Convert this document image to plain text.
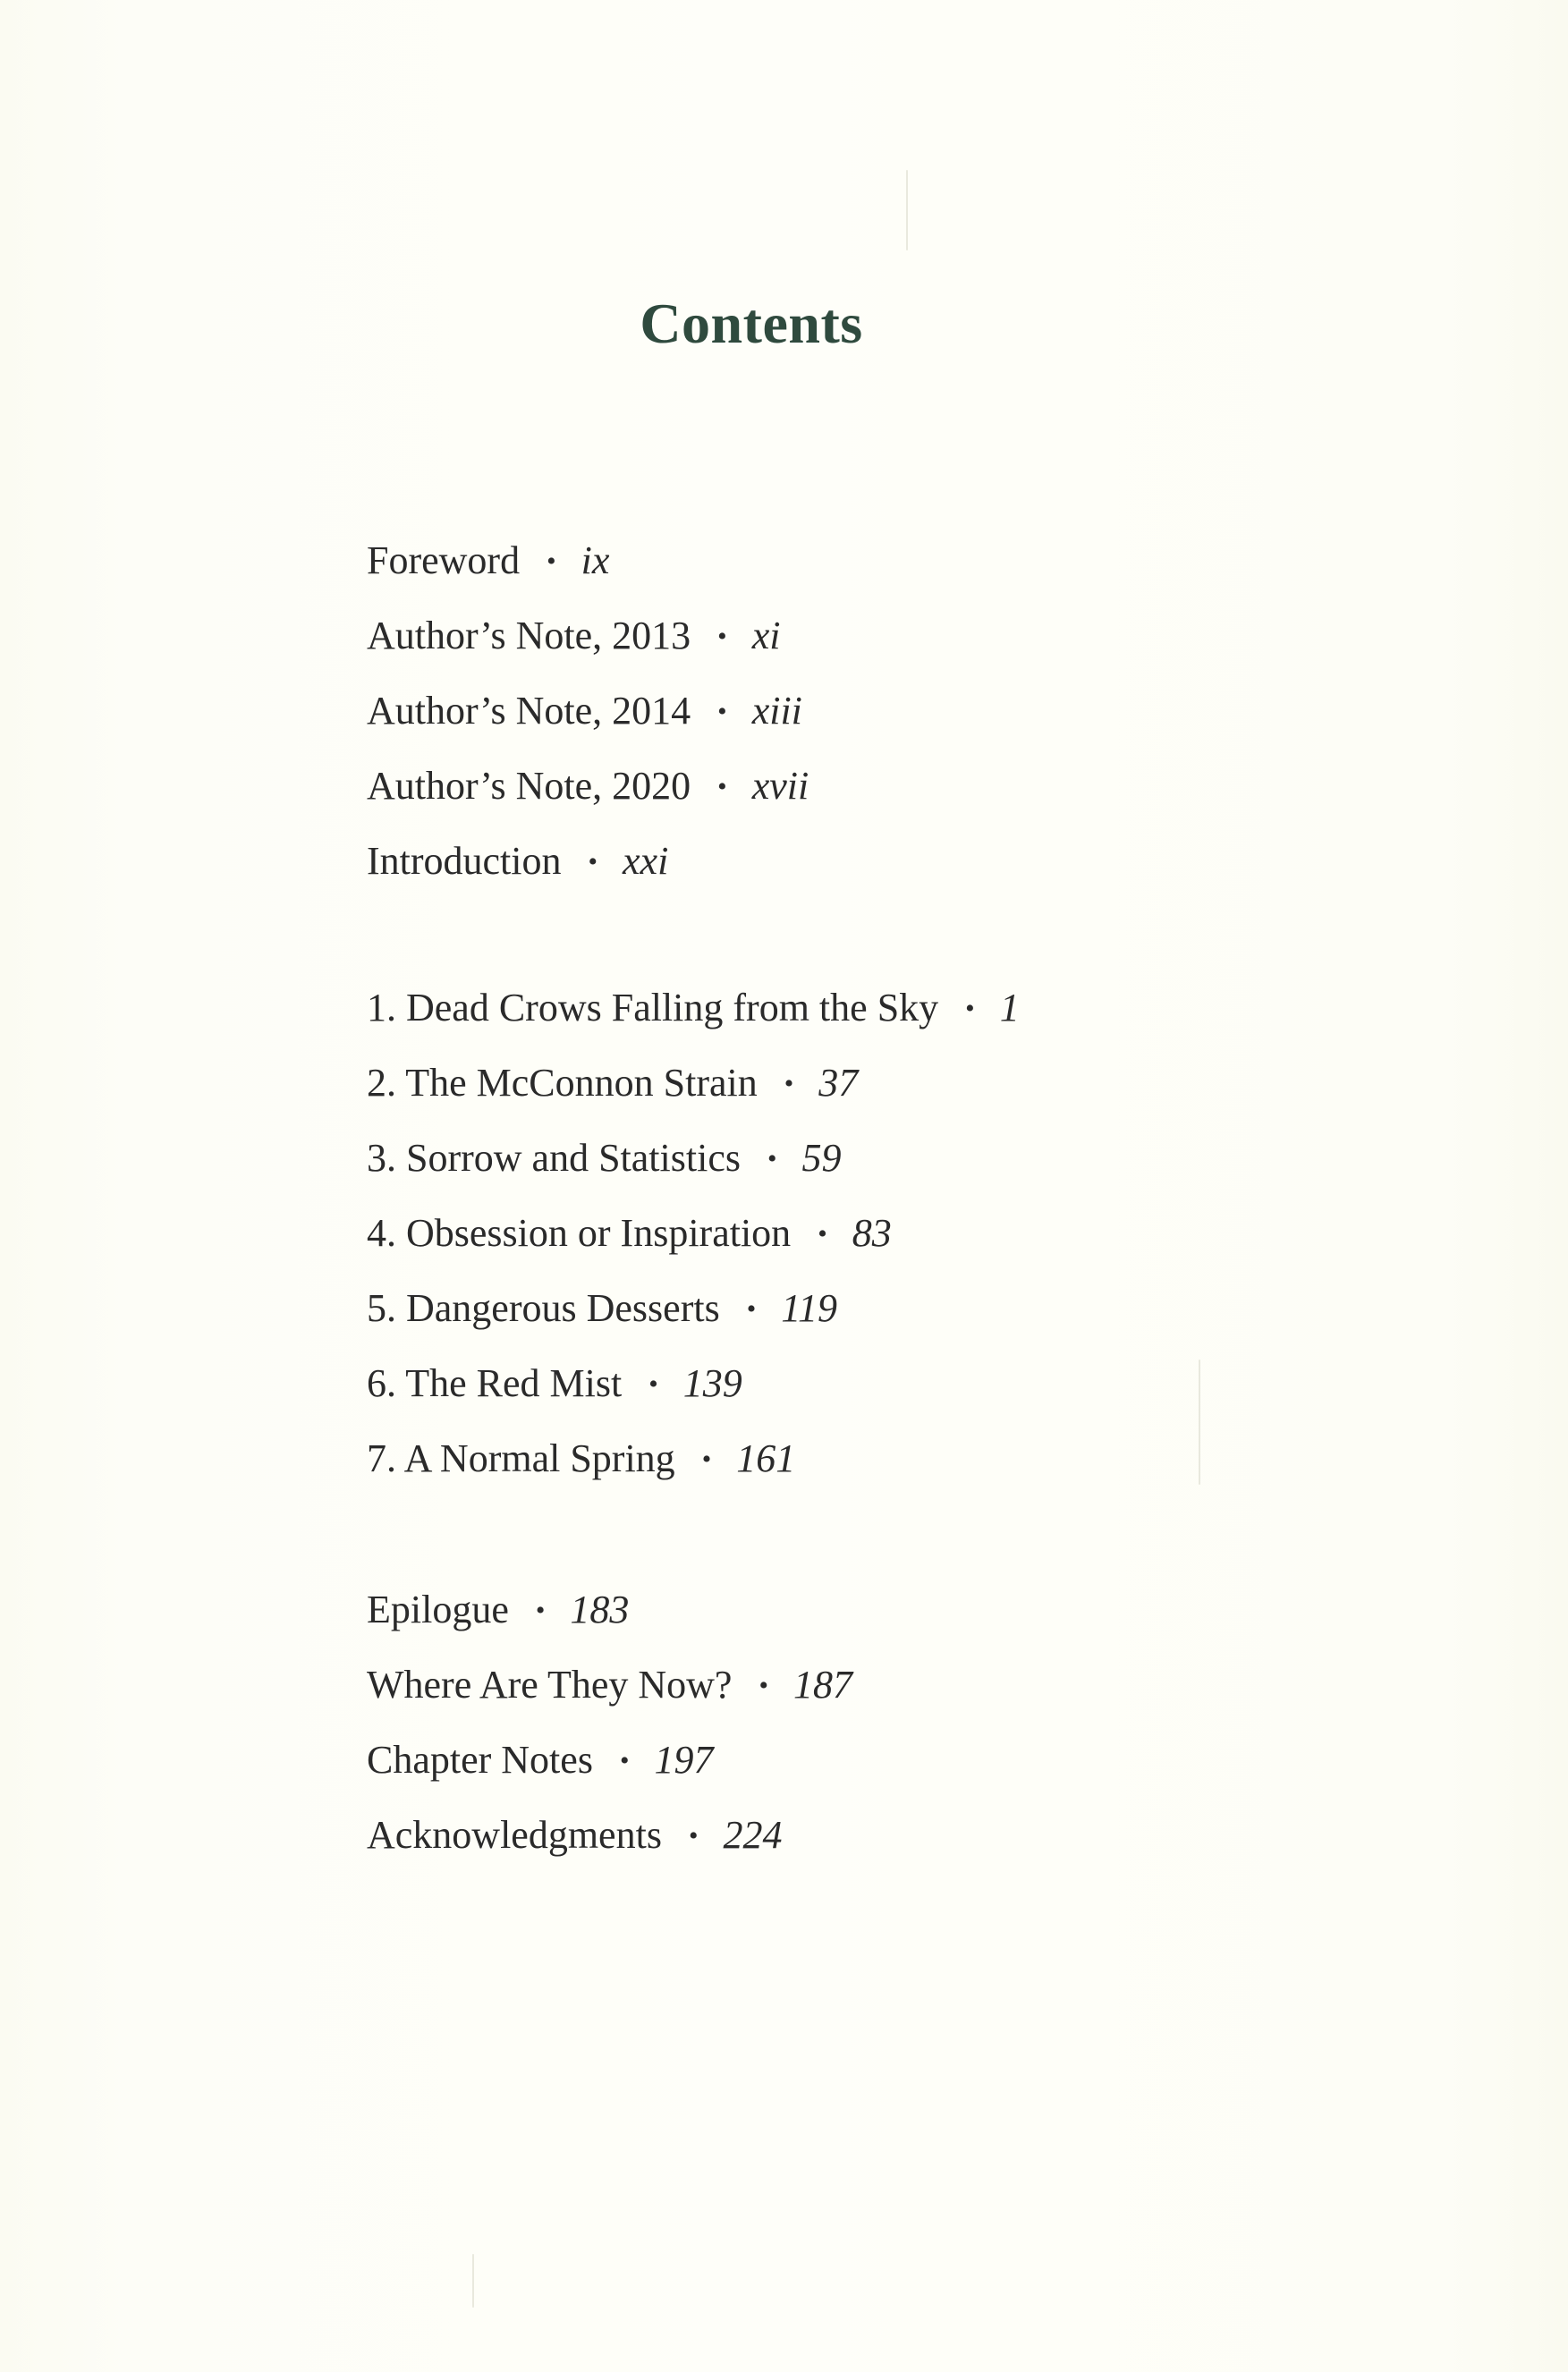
Contents
Foreword • ix
Author’s Note, 2013 • xi
Author’s Note, 2014 • xiii
Author’s Note, 2020 • xvii
Introduction • xxi
1. Dead Crows Falling from the Sky • 1
2. The McConnon Strain • 37
3. Sorrow and Statistics • 59
4. Obsession or Inspiration • 83
5. Dangerous Desserts • 119
6. The Red Mist • 139
7. A Normal Spring • 161
Epilogue • 183
Where Are They Now? • 187
Chapter Notes • 197
Acknowledgments • 224
